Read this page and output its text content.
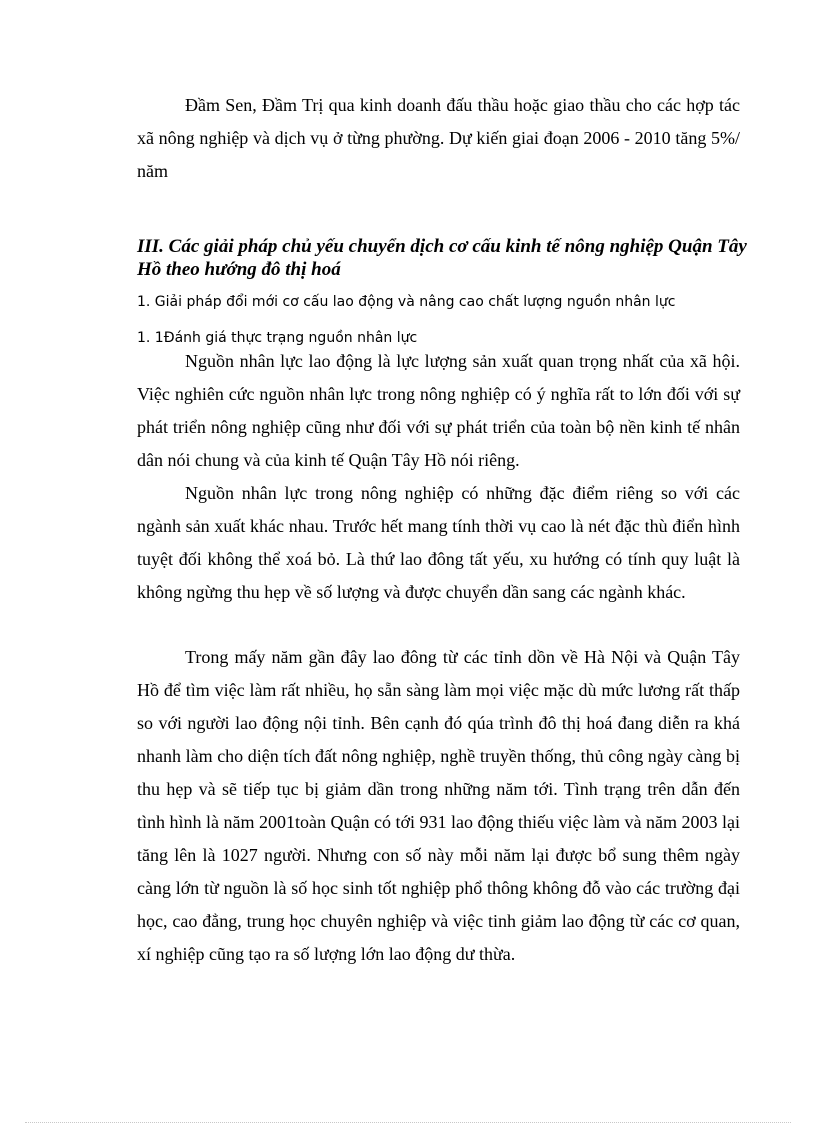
Đầm Sen, Đầm Trị qua kinh doanh đấu thầu hoặc giao thầu cho các hợp tác xã nông nghiệp và dịch vụ ở từng phường. Dự kiến giai đoạn 2006 - 2010 tăng 5%/ năm

III. Các giải pháp chủ yếu chuyển dịch cơ cấu kinh tế nông nghiệp Quận Tây Hồ theo hướng đô thị hoá

1. Giải pháp đổi mới cơ cấu lao động và nâng cao chất lượng nguồn nhân lực

1. 1Đánh giá thực trạng nguồn nhân lực

Nguồn nhân lực lao động là lực lượng sản xuất quan trọng nhất của xã hội. Việc nghiên cức nguồn nhân lực trong nông nghiệp có ý nghĩa rất to lớn đối với sự phát triển nông nghiệp cũng như đối với sự phát triển của toàn bộ nền kinh tế nhân dân nói chung và của kinh tế Quận Tây Hồ nói riêng.

Nguồn nhân lực trong nông nghiệp có những đặc điểm riêng so với các ngành sản xuất khác nhau. Trước hết mang tính thời vụ cao là nét đặc thù điển hình tuyệt đối không thể xoá bỏ. Là thứ lao đông tất yếu, xu hướng có tính quy luật là không ngừng thu hẹp về số lượng và được chuyển dần sang các ngành khác.

Trong mấy năm gần đây lao đông từ các tỉnh dồn về Hà Nội và Quận Tây Hồ để tìm việc làm rất nhiều, họ sẵn sàng làm mọi việc mặc dù mức lương rất thấp so với người lao động nội tỉnh. Bên cạnh đó qúa trình đô thị hoá đang diễn ra khá nhanh làm cho diện tích đất nông nghiệp, nghề truyền thống, thủ công ngày càng bị thu hẹp và sẽ tiếp tục bị giảm dần trong những năm tới. Tình trạng trên dẫn đến tình hình là năm 2001toàn Quận có tới 931 lao động thiếu việc làm và năm 2003 lại tăng lên là 1027 người. Nhưng con số này mỗi năm lại được bổ sung thêm ngày càng lớn từ nguồn là số học sinh tốt nghiệp phổ thông không đỗ vào các trường đại học, cao đẳng, trung học chuyên nghiệp và việc tinh giảm lao động từ các cơ quan, xí nghiệp cũng tạo ra số lượng lớn lao động dư thừa.
